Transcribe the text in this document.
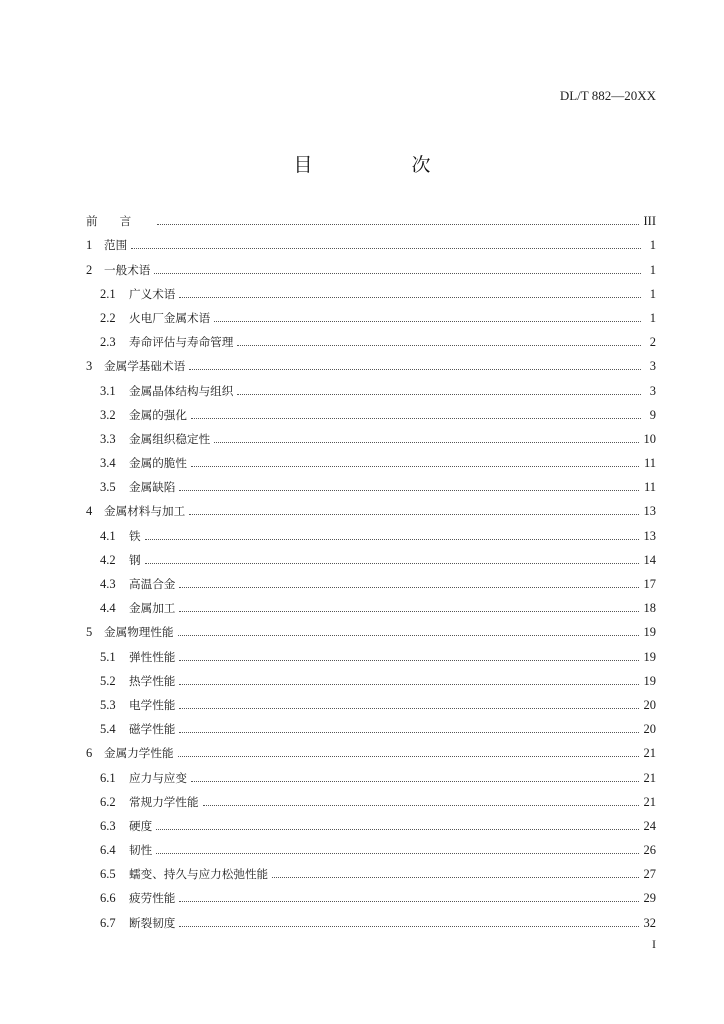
DL/T 882—20XX
目　次
前言	III
1	范围	1
2	一般术语	1
2.1	广义术语	1
2.2	火电厂金属术语	1
2.3	寿命评估与寿命管理	2
3	金属学基础术语	3
3.1	金属晶体结构与组织	3
3.2	金属的强化	9
3.3	金属组织稳定性	10
3.4	金属的脆性	11
3.5	金属缺陷	11
4	金属材料与加工	13
4.1	铁	13
4.2	钢	14
4.3	高温合金	17
4.4	金属加工	18
5	金属物理性能	19
5.1	弹性性能	19
5.2	热学性能	19
5.3	电学性能	20
5.4	磁学性能	20
6	金属力学性能	21
6.1	应力与应变	21
6.2	常规力学性能	21
6.3	硬度	24
6.4	韧性	26
6.5	蠕变、持久与应力松弛性能	27
6.6	疲劳性能	29
6.7	断裂韧度	32
I
